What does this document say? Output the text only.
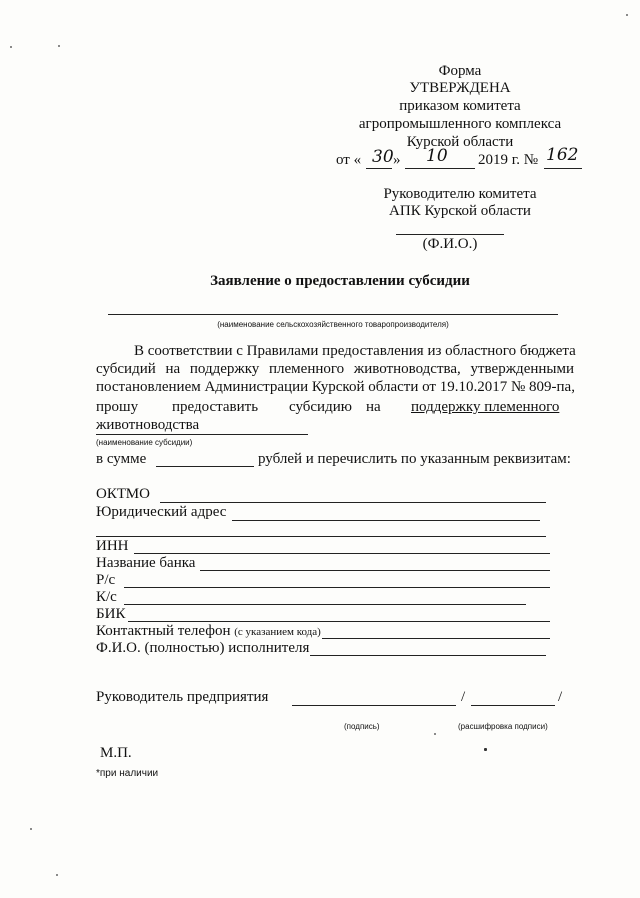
Форма
УТВЕРЖДЕНА
приказом комитета
агропромышленного комплекса
Курской области
от « 30 » 10 2019 г. № 162
Руководителю комитета
АПК Курской области
(Ф.И.О.)
Заявление о предоставлении субсидии
(наименование сельскохозяйственного товаропроизводителя)
В соответствии с Правилами предоставления из областного бюджета
субсидий на поддержку племенного животноводства, утвержденными
постановлением Администрации Курской области от 19.10.2017 № 809-па,
прошу предоставить субсидию на поддержку племенного
животноводства
(наименование субсидии)
в сумме	рублей и перечислить по указанным реквизитам:
ОКТМО
Юридический адрес
ИНН
Название банка
Р/с
К/с
БИК
Контактный телефон (с указанием кода)
Ф.И.О. (полностью) исполнителя
Руководитель предприятия	/	/
(подпись)	(расшифровка подписи)
М.П.
*при наличии
